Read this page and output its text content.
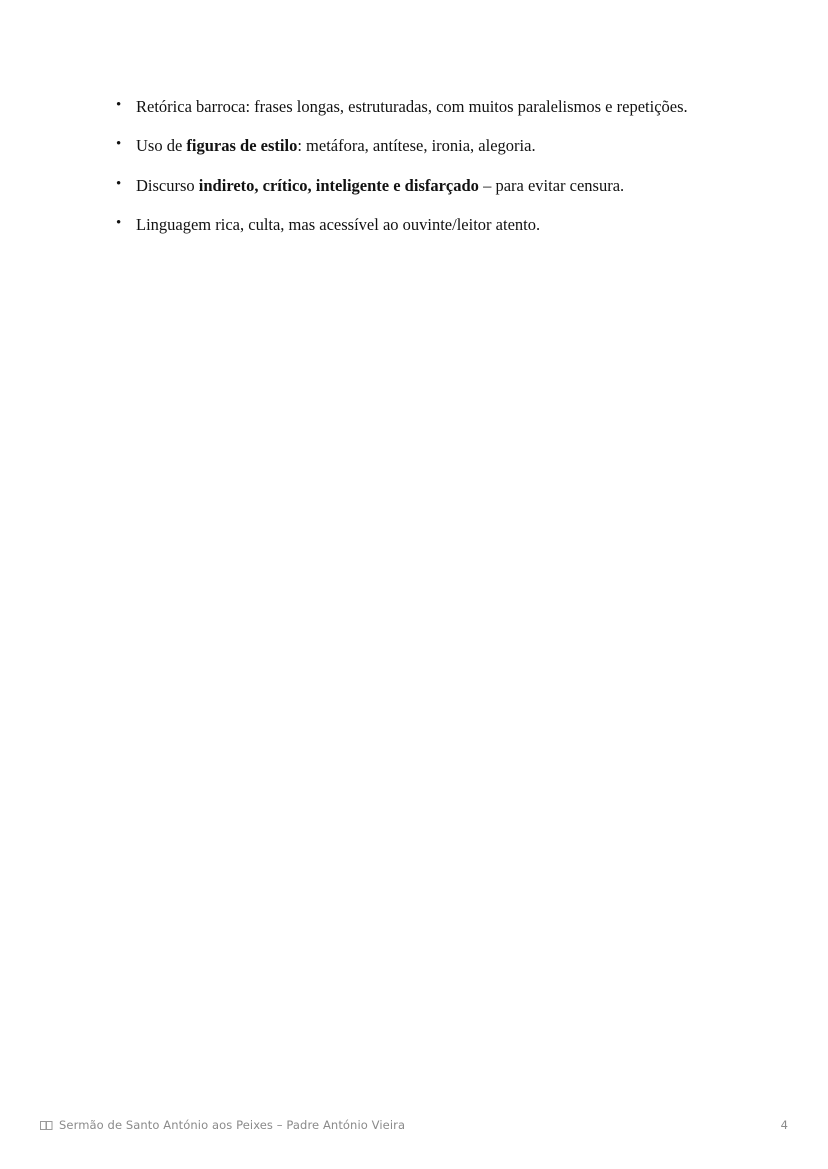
• Retórica barroca: frases longas, estruturadas, com muitos paralelismos e repetições.
• Uso de figuras de estilo: metáfora, antítese, ironia, alegoria.
• Discurso indireto, crítico, inteligente e disfarçado – para evitar censura.
• Linguagem rica, culta, mas acessível ao ouvinte/leitor atento.
Sermão de Santo António aos Peixes – Padre António Vieira	4
